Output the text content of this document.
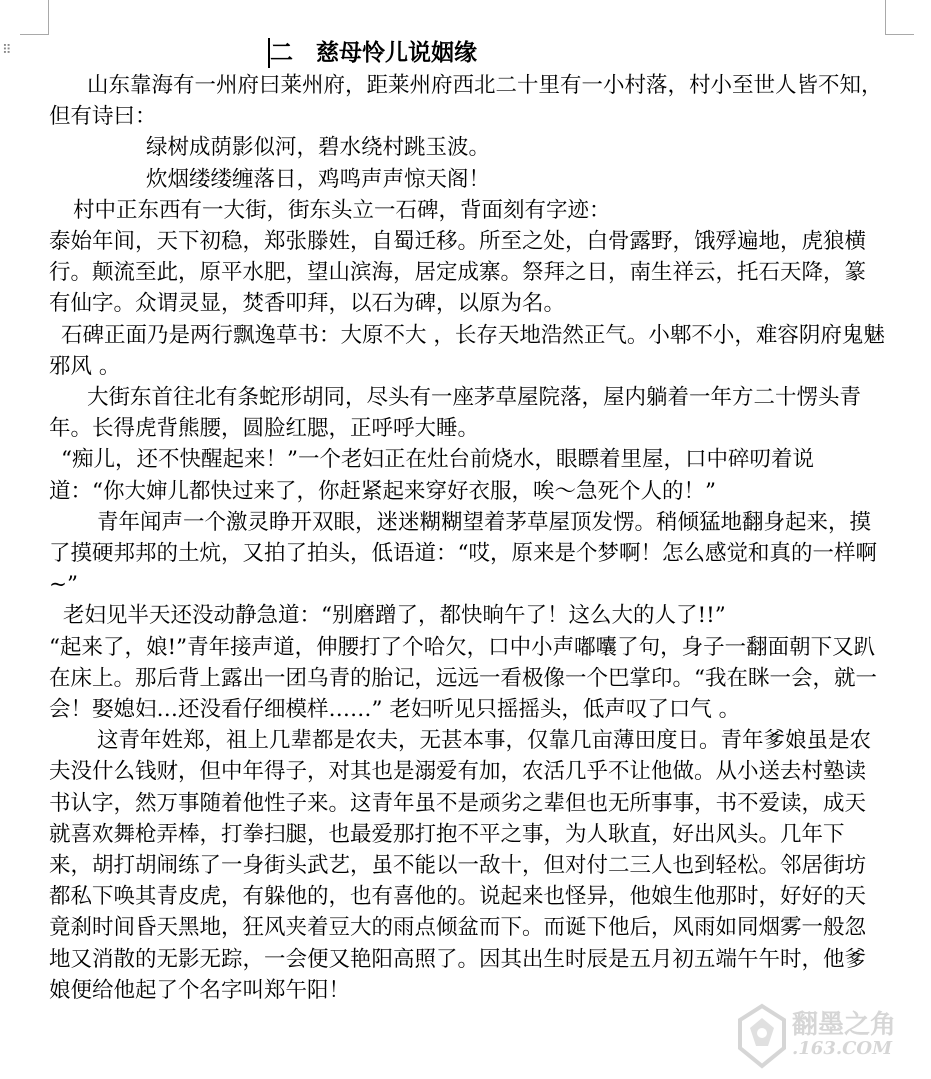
⠿	二　慈母怜儿说姻缘

山东靠海有一州府曰莱州府，距莱州府西北二十里有一小村落，村小至世人皆不知，但有诗曰：

绿树成荫影似河，碧水绕村跳玉波。

炊烟缕缕缠落日，鸡鸣声声惊天阁！

村中正东西有一大街，街东头立一石碑，背面刻有字迹：

泰始年间，天下初稳，郑张滕姓，自蜀迁移。所至之处，白骨露野，饿殍遍地，虎狼横行。颠流至此，原平水肥，望山滨海，居定成寨。祭拜之日，南生祥云，托石天降，篆有仙字。众谓灵显，焚香叩拜，以石为碑，以原为名。

石碑正面乃是两行飘逸草书：大原不大 ，长存天地浩然正气。小郫不小，难容阴府鬼魅邪风 。

大街东首往北有条蛇形胡同，尽头有一座茅草屋院落，屋内躺着一年方二十愣头青年。长得虎背熊腰，圆脸红腮，正呼呼大睡。

“痴儿，还不快醒起来！”一个老妇正在灶台前烧水，眼瞟着里屋，口中碎叨着说道：“你大婶儿都快过来了，你赶紧起来穿好衣服，唉～急死个人的！”

青年闻声一个激灵睁开双眼，迷迷糊糊望着茅草屋顶发愣。稍倾猛地翻身起来，摸了摸硬邦邦的土炕，又拍了拍头，低语道：“哎，原来是个梦啊！怎么感觉和真的一样啊~”

老妇见半天还没动静急道：“别磨蹭了，都快晌午了！这么大的人了!!”

“起来了，娘!”青年接声道，伸腰打了个哈欠，口中小声嘟囔了句，身子一翻面朝下又趴在床上。那后背上露出一团乌青的胎记，远远一看极像一个巴掌印。“我在眯一会，就一会！娶媳妇…还没看仔细模样……” 老妇听见只摇摇头，低声叹了口气 。

这青年姓郑，祖上几辈都是农夫，无甚本事，仅靠几亩薄田度日。青年爹娘虽是农夫没什么钱财，但中年得子，对其也是溺爱有加，农活几乎不让他做。从小送去村塾读书认字，然万事随着他性子来。这青年虽不是顽劣之辈但也无所事事，书不爱读，成天就喜欢舞枪弄棒，打拳扫腿，也最爱那打抱不平之事，为人耿直，好出风头。几年下来，胡打胡闹练了一身街头武艺，虽不能以一敌十，但对付二三人也到轻松。邻居街坊都私下唤其青皮虎，有躲他的，也有喜他的。说起来也怪异，他娘生他那时，好好的天竟刹时间昏天黑地，狂风夹着豆大的雨点倾盆而下。而诞下他后，风雨如同烟雾一般忽地又消散的无影无踪，一会便又艳阳高照了。因其出生时辰是五月初五端午午时，他爹娘便给他起了个名字叫郑午阳！

翻墨之角
.163.COM
